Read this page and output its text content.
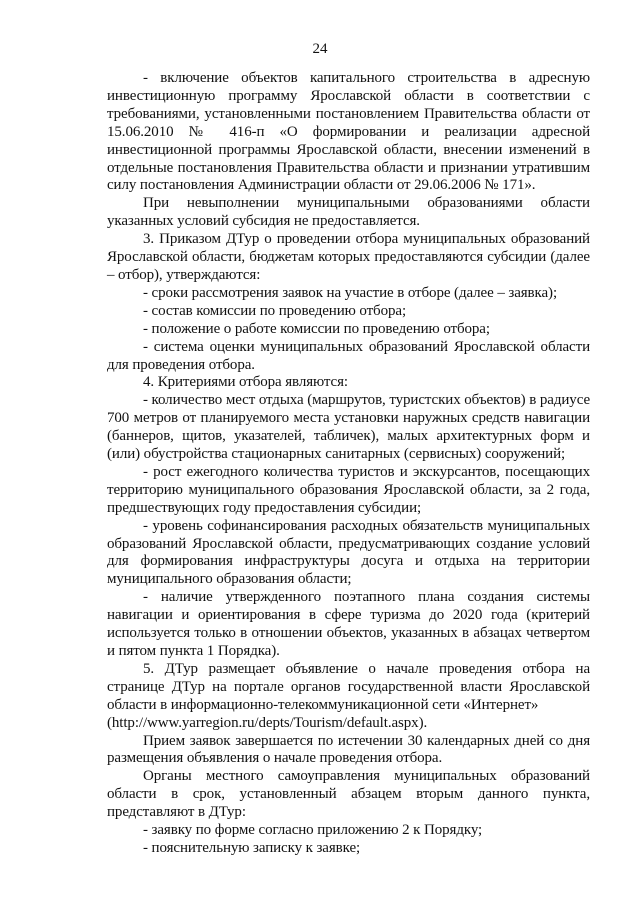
24

- включение объектов капитального строительства в адресную инвестиционную программу Ярославской области в соответствии с требованиями, установленными постановлением Правительства области от 15.06.2010 № 416-п «О формировании и реализации адресной инвестиционной программы Ярославской области, внесении изменений в отдельные постановления Правительства области и признании утратившим силу постановления Администрации области от 29.06.2006 № 171».

При невыполнении муниципальными образованиями области указанных условий субсидия не предоставляется.

3. Приказом ДТур о проведении отбора муниципальных образований Ярославской области, бюджетам которых предоставляются субсидии (далее – отбор), утверждаются:

- сроки рассмотрения заявок на участие в отборе (далее – заявка);

- состав комиссии по проведению отбора;

- положение о работе комиссии по проведению отбора;

- система оценки муниципальных образований Ярославской области для проведения отбора.

4. Критериями отбора являются:

- количество мест отдыха (маршрутов, туристских объектов) в радиусе 700 метров от планируемого места установки наружных средств навигации (баннеров, щитов, указателей, табличек), малых архитектурных форм и (или) обустройства стационарных санитарных (сервисных) сооружений;

- рост ежегодного количества туристов и экскурсантов, посещающих территорию муниципального образования Ярославской области, за 2 года, предшествующих году предоставления субсидии;

- уровень софинансирования расходных обязательств муниципальных образований Ярославской области, предусматривающих создание условий для формирования инфраструктуры досуга и отдыха на территории муниципального образования области;

- наличие утвержденного поэтапного плана создания системы навигации и ориентирования в сфере туризма до 2020 года (критерий используется только в отношении объектов, указанных в абзацах четвертом и пятом пункта 1 Порядка).

5. ДТур размещает объявление о начале проведения отбора на странице ДТур на портале органов государственной власти Ярославской области в информационно-телекоммуникационной сети «Интернет»

(http://www.yarregion.ru/depts/Tourism/default.aspx).

Прием заявок завершается по истечении 30 календарных дней со дня размещения объявления о начале проведения отбора.

Органы местного самоуправления муниципальных образований области в срок, установленный абзацем вторым данного пункта, представляют в ДТур:

- заявку по форме согласно приложению 2 к Порядку;

- пояснительную записку к заявке;
